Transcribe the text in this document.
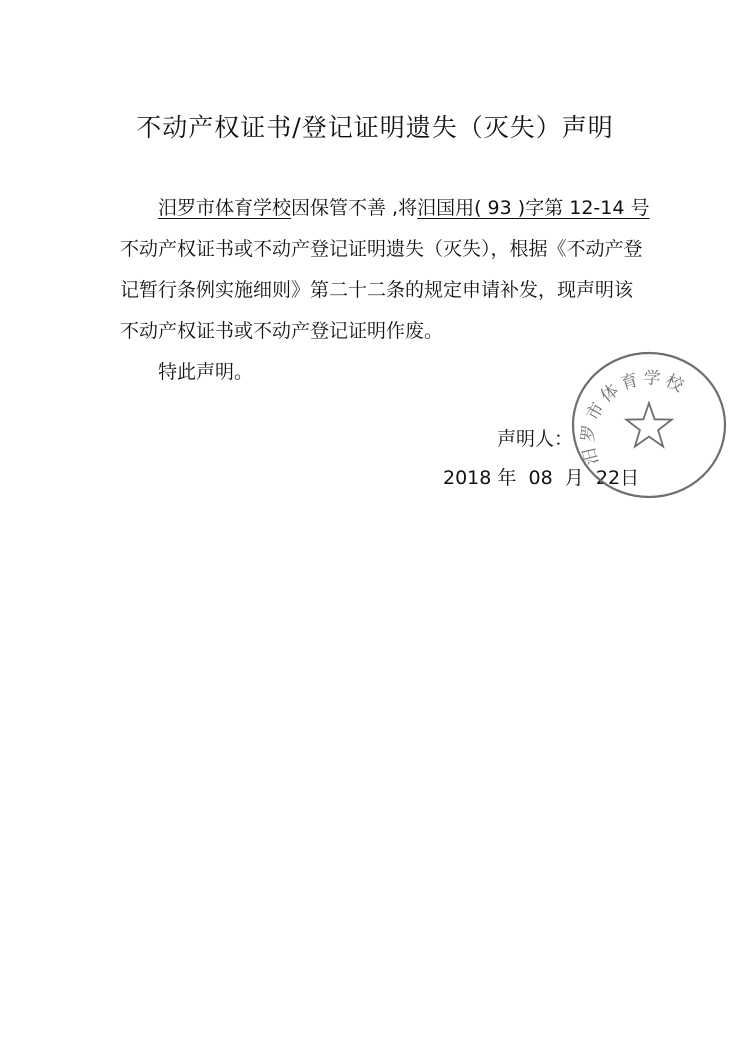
不动产权证书/登记证明遗失（灭失）声明

汨罗市体育学校因保管不善 ,将汨国用( 93 )字第 12-14 号不动产权证书或不动产登记证明遗失（灭失），根据《不动产登记暂行条例实施细则》第二十二条的规定申请补发，现声明该不动产权证书或不动产登记证明作废。

特此声明。

声明人：
2018 年 08 月 22日
汨罗市体育学校
